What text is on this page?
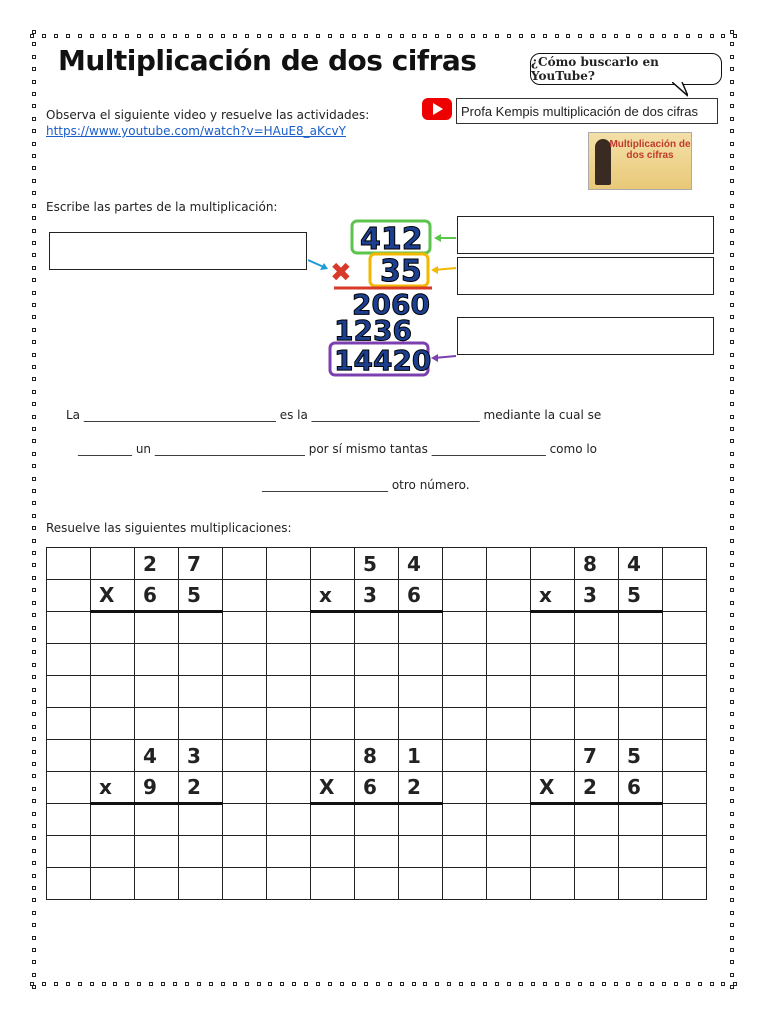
Multiplicación de dos cifras	¿Cómo buscarlo en YouTube?
Observa el siguiente video y resuelve las actividades:
https://www.youtube.com/watch?v=HAuE8_aKcvY
Profa Kempis multiplicación de dos cifras
Multiplicación de dos cifras
Escribe las partes de la multiplicación:
412
✖ 35
2060
1236
14420
La ________________________________ es la ____________________________ mediante la cual se
_________ un _________________________ por sí mismo tantas ___________________ como lo
_____________________ otro número.
Resuelve las siguientes multiplicaciones:

		2	7				5	4				8	4	

	X	6	5			x	3	6			x	3	5	

		4	3				8	1				7	5	

	x	9	2			X	6	2			X	2	6	
